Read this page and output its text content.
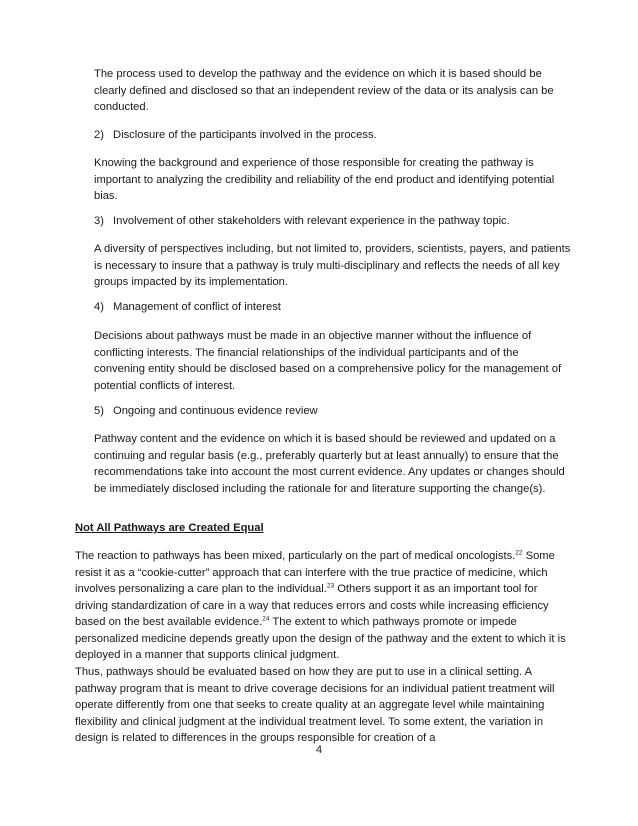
The process used to develop the pathway and the evidence on which it is based should be clearly defined and disclosed so that an independent review of the data or its analysis can be conducted.

2) Disclosure of the participants involved in the process.

Knowing the background and experience of those responsible for creating the pathway is important to analyzing the credibility and reliability of the end product and identifying potential bias.

3) Involvement of other stakeholders with relevant experience in the pathway topic.

A diversity of perspectives including, but not limited to, providers, scientists, payers, and patients is necessary to insure that a pathway is truly multi-disciplinary and reflects the needs of all key groups impacted by its implementation.

4) Management of conflict of interest

Decisions about pathways must be made in an objective manner without the influence of conflicting interests. The financial relationships of the individual participants and of the convening entity should be disclosed based on a comprehensive policy for the management of potential conflicts of interest.

5) Ongoing and continuous evidence review

Pathway content and the evidence on which it is based should be reviewed and updated on a continuing and regular basis (e.g., preferably quarterly but at least annually) to ensure that the recommendations take into account the most current evidence. Any updates or changes should be immediately disclosed including the rationale for and literature supporting the change(s).

Not All Pathways are Created Equal

The reaction to pathways has been mixed, particularly on the part of medical oncologists.$^{22}$ Some resist it as a “cookie-cutter” approach that can interfere with the true practice of medicine, which involves personalizing a care plan to the individual.$^{23}$ Others support it as an important tool for driving standardization of care in a way that reduces errors and costs while increasing efficiency based on the best available evidence.$^{24}$ The extent to which pathways promote or impede personalized medicine depends greatly upon the design of the pathway and the extent to which it is deployed in a manner that supports clinical judgment.

Thus, pathways should be evaluated based on how they are put to use in a clinical setting. A pathway program that is meant to drive coverage decisions for an individual patient treatment will operate differently from one that seeks to create quality at an aggregate level while maintaining flexibility and clinical judgment at the individual treatment level. To some extent, the variation in design is related to differences in the groups responsible for creation of a

4
